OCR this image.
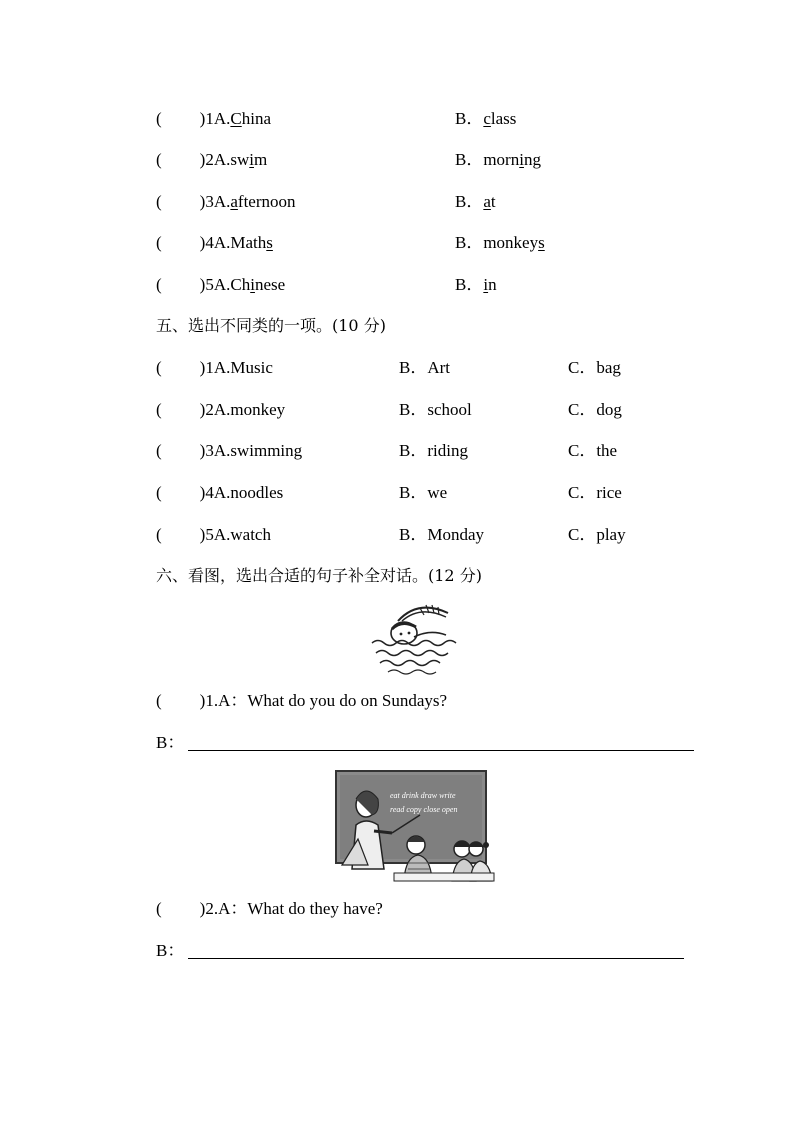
( )1A.China	B．class
( )2A.swim	B．morning
( )3A.afternoon	B．at
( )4A.Maths	B．monkeys
( )5A.Chinese	B．in
五、选出不同类的一项。(10 分)
( )1A.Music	B．Art	C．bag
( )2A.monkey	B．school	C．dog
( )3A.swimming	B．riding	C．the
( )4A.noodles	B．we	C．rice
( )5A.watch	B．Monday	C．play
六、看图，选出合适的句子补全对话。(12 分)
( )1.A：What do you do on Sundays?
B：
eat drink draw write
read copy close open
( )2.A：What do they have?
B：
